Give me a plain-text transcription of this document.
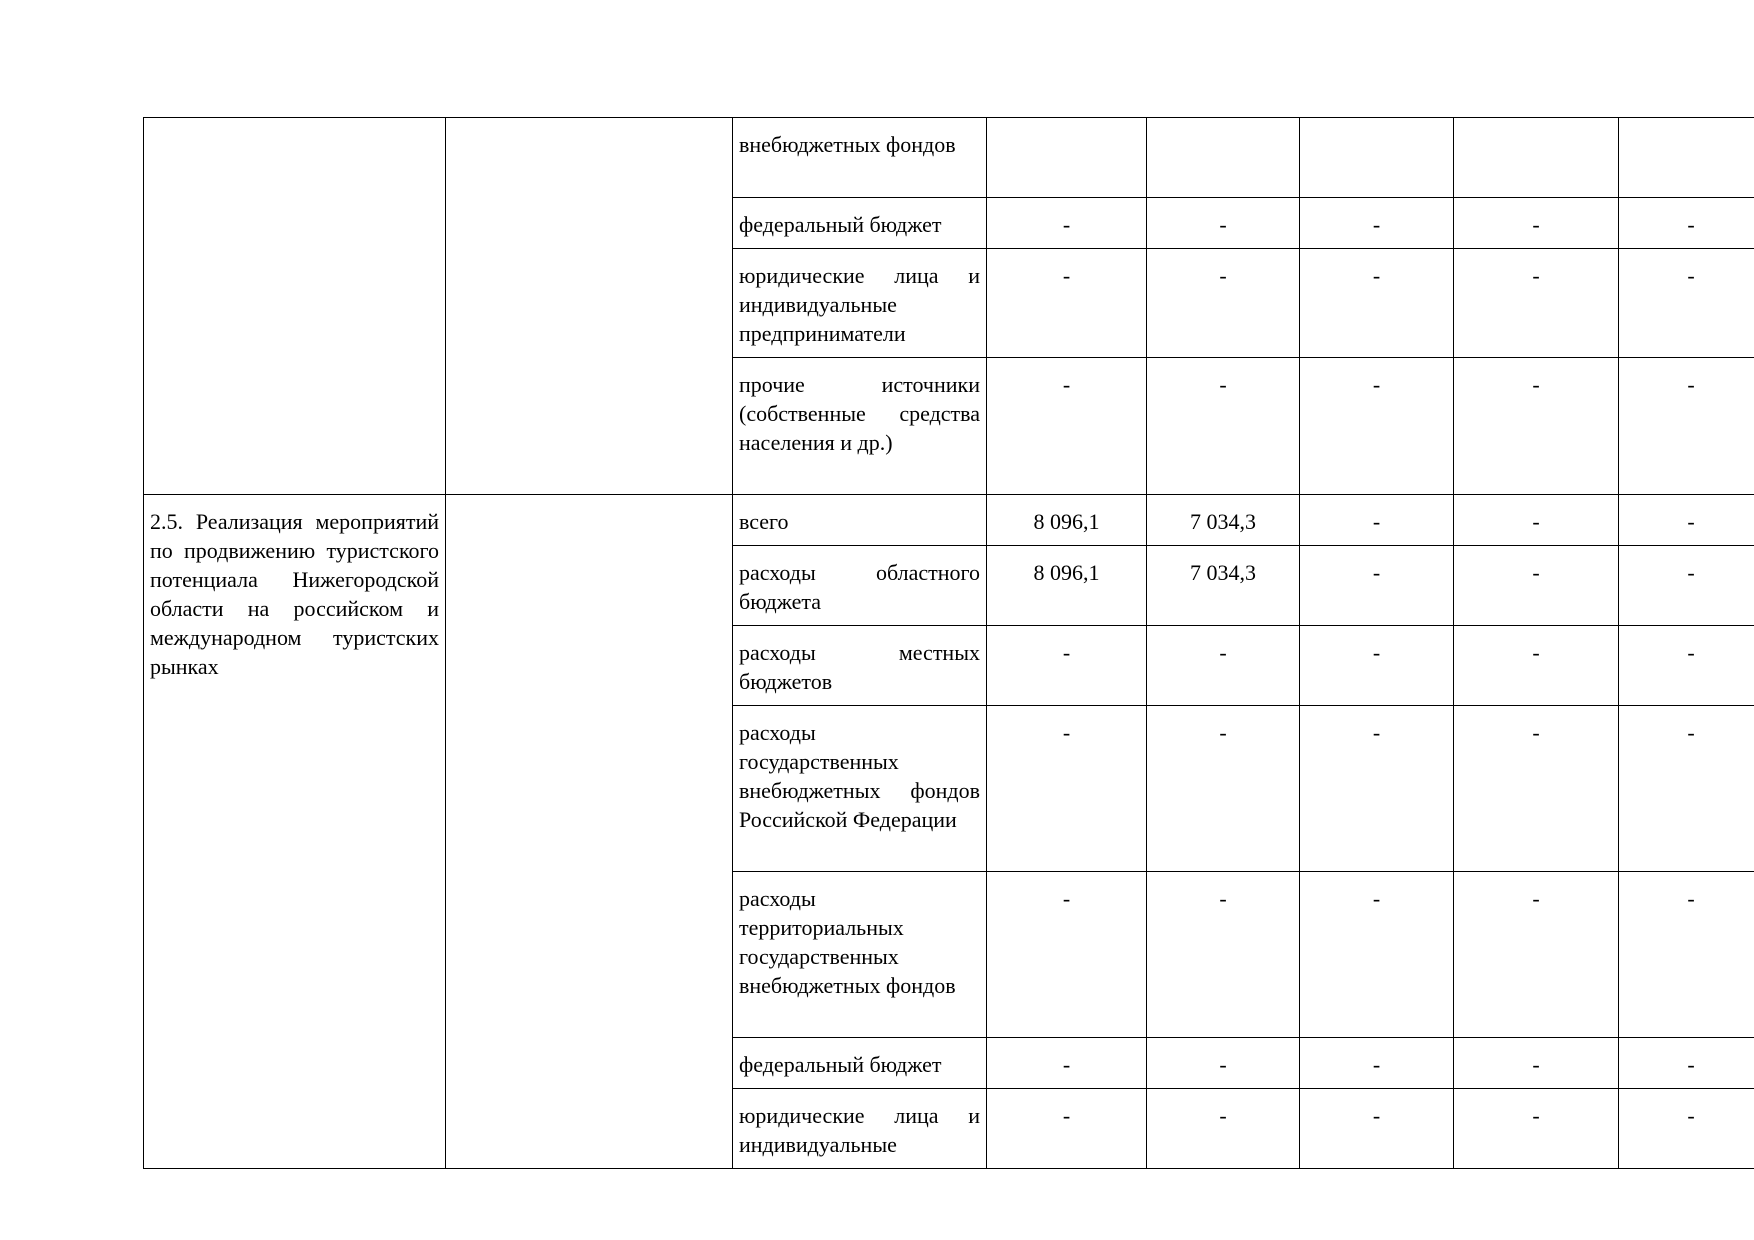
		внебюджетных фондов					
		федеральный бюджет	-	-	-	-	-
		юридические лица и индивидуальные предприниматели	-	-	-	-	-
		прочие источники (собственные средства населения и др.)	-	-	-	-	-
2.5. Реализация мероприятий по продвижению туристского потенциала Нижегородской области на российском и международном туристских рынках		всего	8 096,1	7 034,3	-	-	-
		расходы областного бюджета	8 096,1	7 034,3	-	-	-
		расходы местных бюджетов	-	-	-	-	-
		расходы государственных внебюджетных фондов Российской Федерации	-	-	-	-	-
		расходы территориальных государственных внебюджетных фондов	-	-	-	-	-
		федеральный бюджет	-	-	-	-	-
		юридические лица и индивидуальные	-	-	-	-	-
